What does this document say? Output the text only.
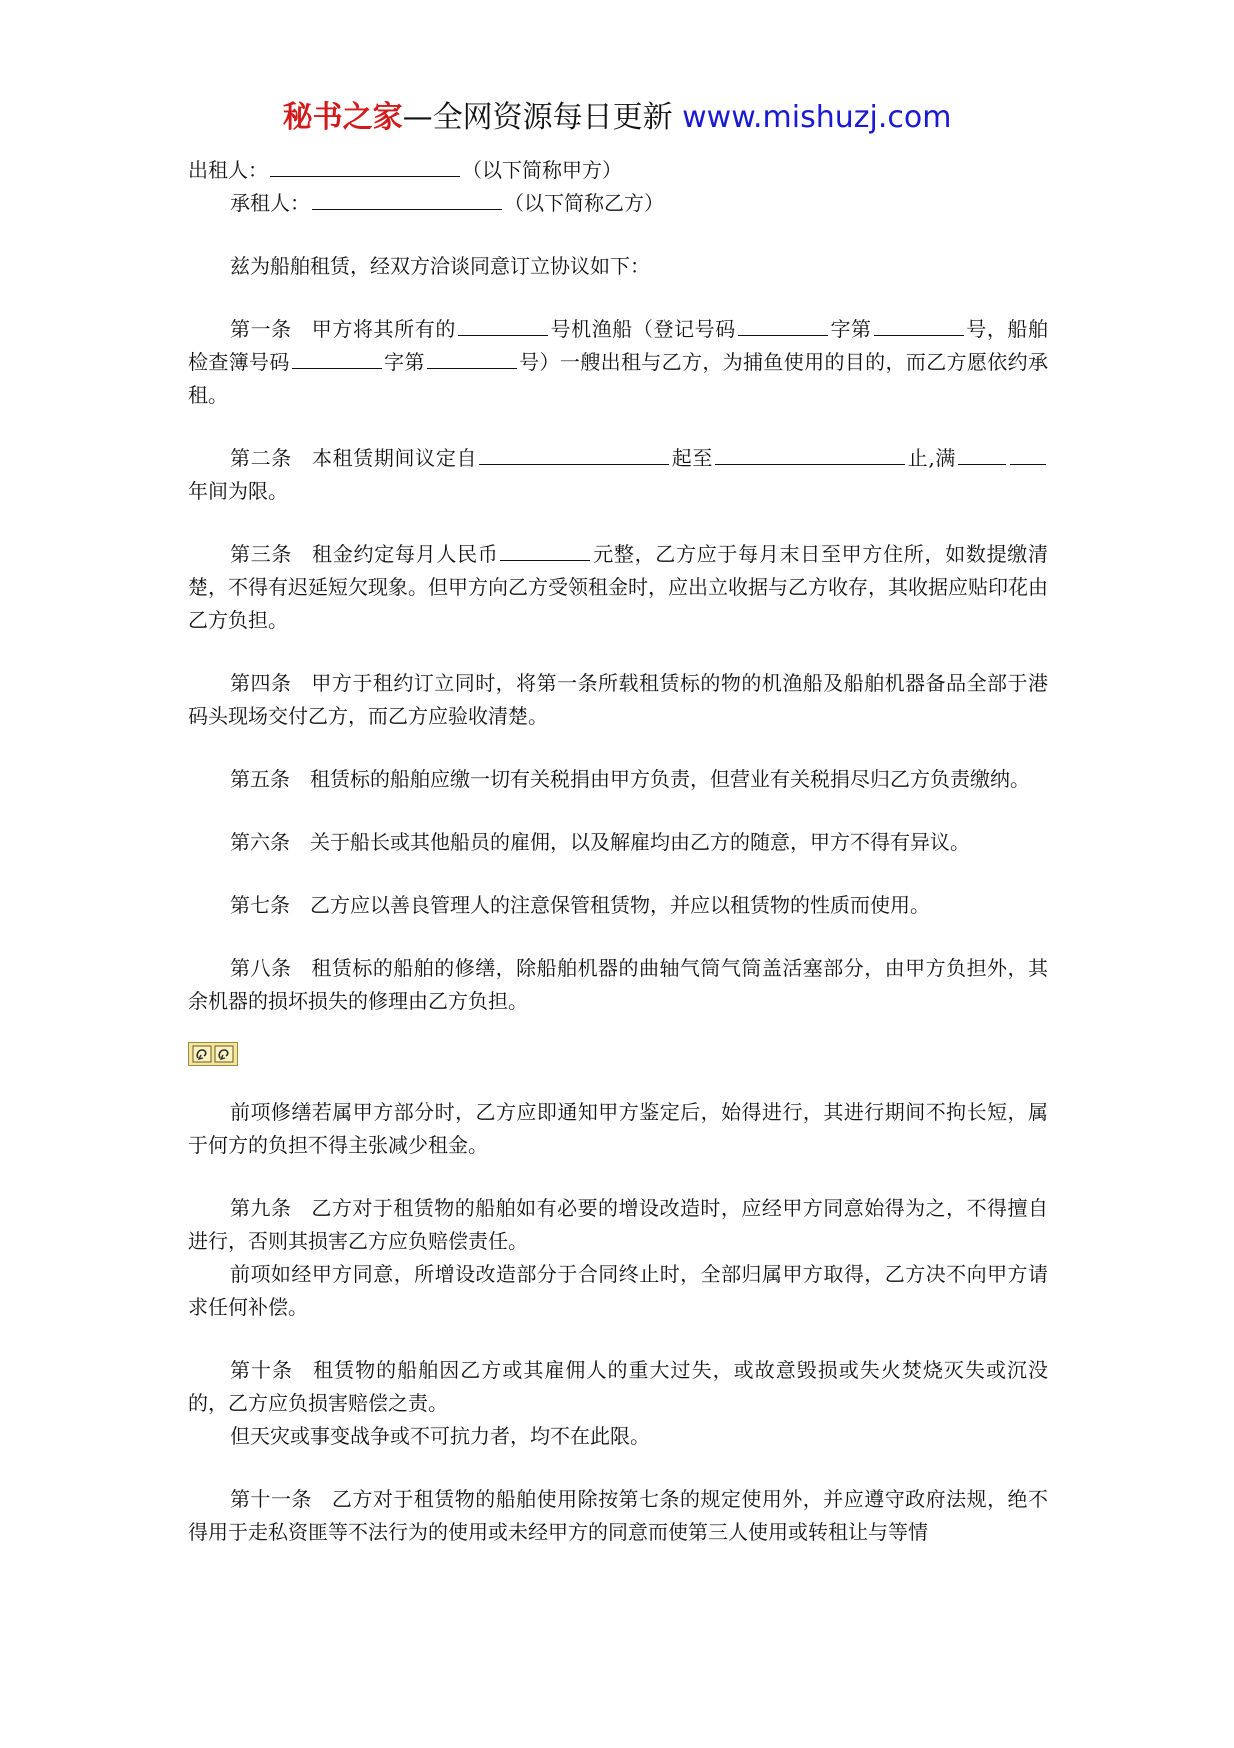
秘书之家—全网资源每日更新 www.mishuzj.com

出租人：	（以下简称甲方）

承租人：	（以下简称乙方）

兹为船舶租赁，经双方洽谈同意订立协议如下：

第一条 甲方将其所有的	号机渔船（登记号码	字第	号，船舶检查簿号码	字第	号）一艘出租与乙方，为捕鱼使用的目的，而乙方愿依约承租。

第二条 本租赁期间议定自	起至	止,满年间为限。

第三条 租金约定每月人民币	元整，乙方应于每月末日至甲方住所，如数提缴清楚，不得有迟延短欠现象。但甲方向乙方受领租金时，应出立收据与乙方收存，其收据应贴印花由乙方负担。

第四条 甲方于租约订立同时，将第一条所载租赁标的物的机渔船及船舶机器备品全部于港码头现场交付乙方，而乙方应验收清楚。

第五条 租赁标的船舶应缴一切有关税捐由甲方负责，但营业有关税捐尽归乙方负责缴纳。

第六条 关于船长或其他船员的雇佣，以及解雇均由乙方的随意，甲方不得有异议。

第七条 乙方应以善良管理人的注意保管租赁物，并应以租赁物的性质而使用。

第八条 租赁标的船舶的修缮，除船舶机器的曲轴气筒气筒盖活塞部分，由甲方负担外，其余机器的损坏损失的修理由乙方负担。

前项修缮若属甲方部分时，乙方应即通知甲方鉴定后，始得进行，其进行期间不拘长短，属于何方的负担不得主张减少租金。

第九条 乙方对于租赁物的船舶如有必要的增设改造时，应经甲方同意始得为之，不得擅自进行，否则其损害乙方应负赔偿责任。

前项如经甲方同意，所增设改造部分于合同终止时，全部归属甲方取得，乙方决不向甲方请求任何补偿。

第十条 租赁物的船舶因乙方或其雇佣人的重大过失，或故意毁损或失火焚烧灭失或沉没的，乙方应负损害赔偿之责。

但天灾或事变战争或不可抗力者，均不在此限。

第十一条 乙方对于租赁物的船舶使用除按第七条的规定使用外，并应遵守政府法规，绝不得用于走私资匪等不法行为的使用或未经甲方的同意而使第三人使用或转租让与等情
